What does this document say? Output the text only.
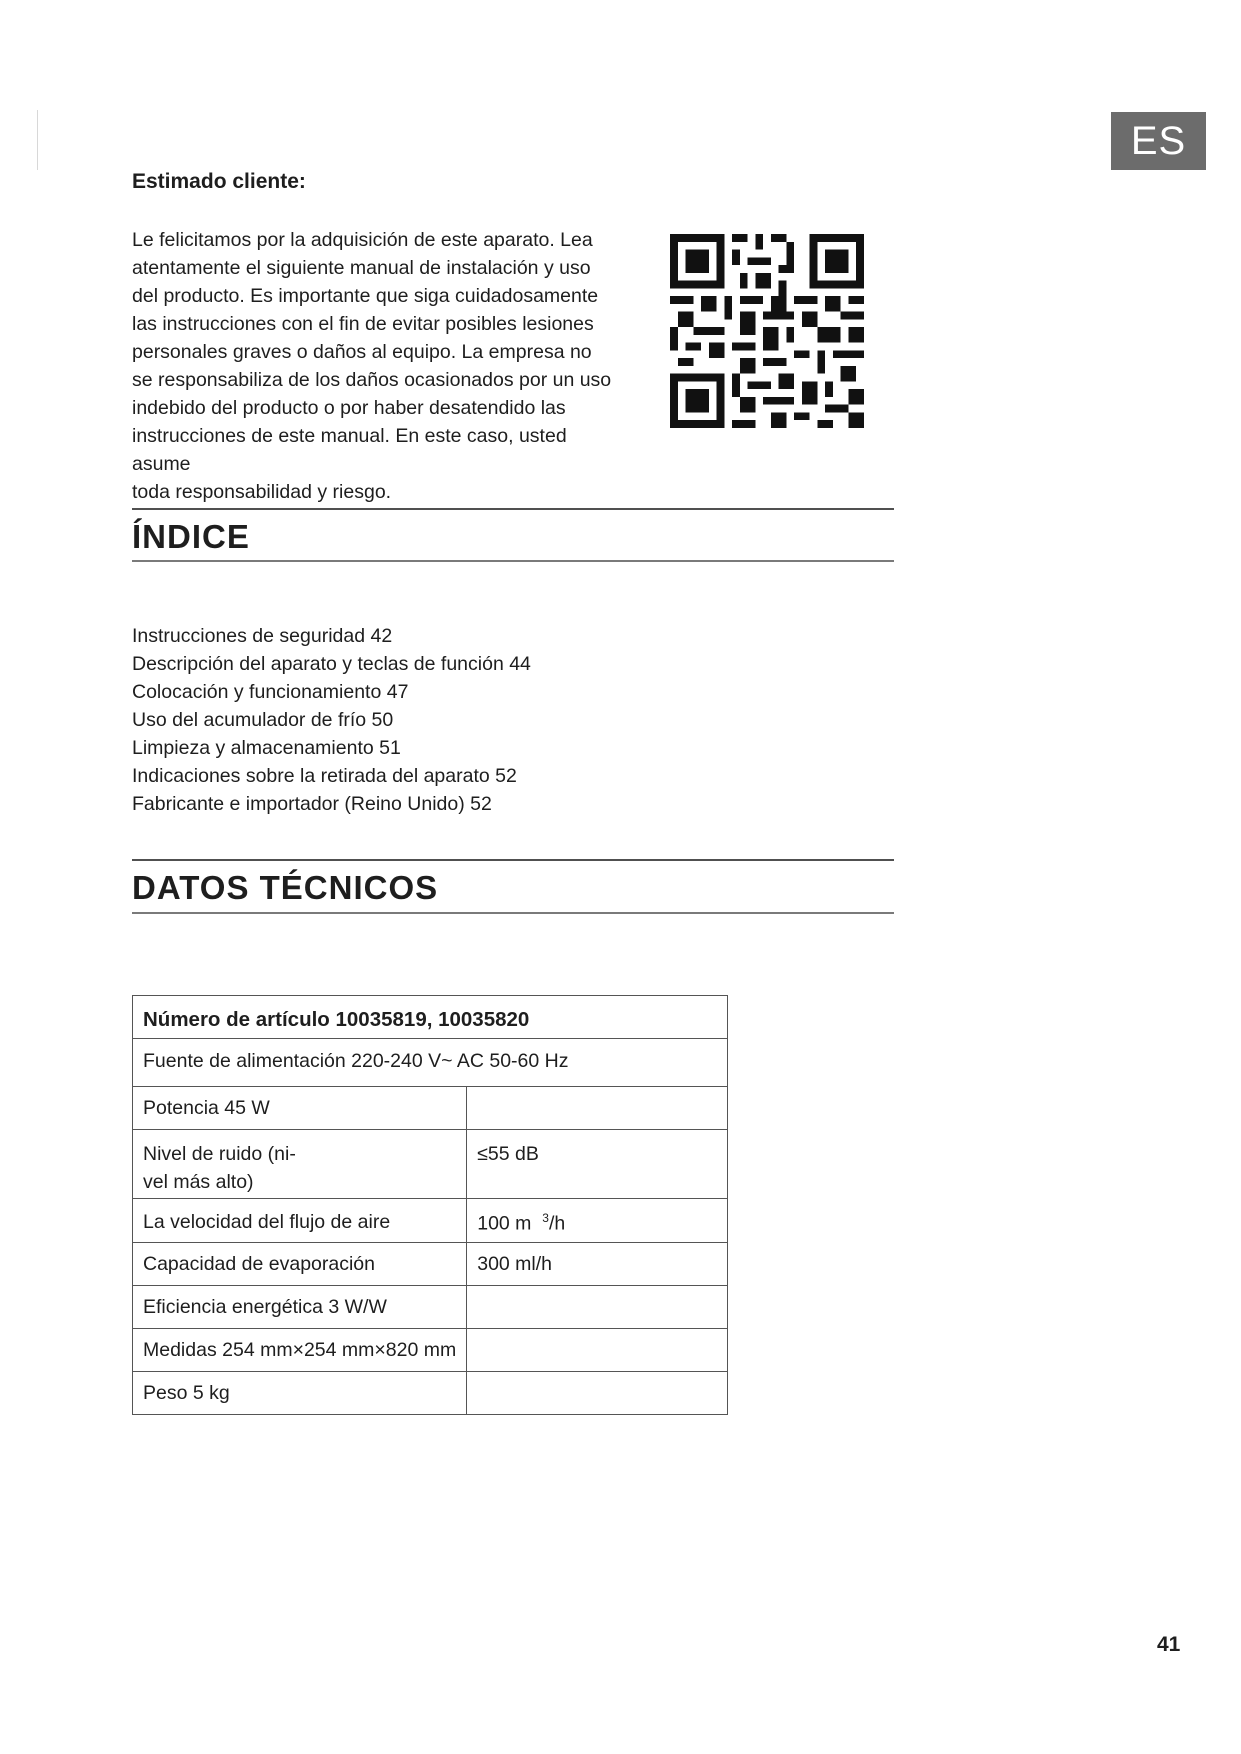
ES
Estimado cliente:

Le felicitamos por la adquisición de este aparato. Lea

atentamente el siguiente manual de instalación y uso

del producto. Es importante que siga cuidadosamente

las instrucciones con el fin de evitar posibles lesiones

personales graves o daños al equipo. La empresa no

se responsabiliza de los daños ocasionados por un uso

indebido del producto o por haber desatendido las

instrucciones de este manual. En este caso, usted asume

toda responsabilidad y riesgo.

ÍNDICE
Instrucciones de seguridad 42
Descripción del aparato y teclas de función 44
Colocación y funcionamiento 47
Uso del acumulador de frío 50
Limpieza y almacenamiento 51
Indicaciones sobre la retirada del aparato 52
Fabricante e importador (Reino Unido) 52
DATOS TÉCNICOS
Número de artículo 10035819, 10035820	
Fuente de alimentación 220-240 V~ AC 50-60 Hz	
Potencia 45 W	

Nivel de ruido (ni-
vel más alto)	≤55 dB
La velocidad del flujo de aire	100 m $^3$/h
Capacidad de evaporación	300 ml/h
Eficiencia energética 3 W/W	
Medidas 254 mm×254 mm×820 mm	
Peso 5 kg	
41
